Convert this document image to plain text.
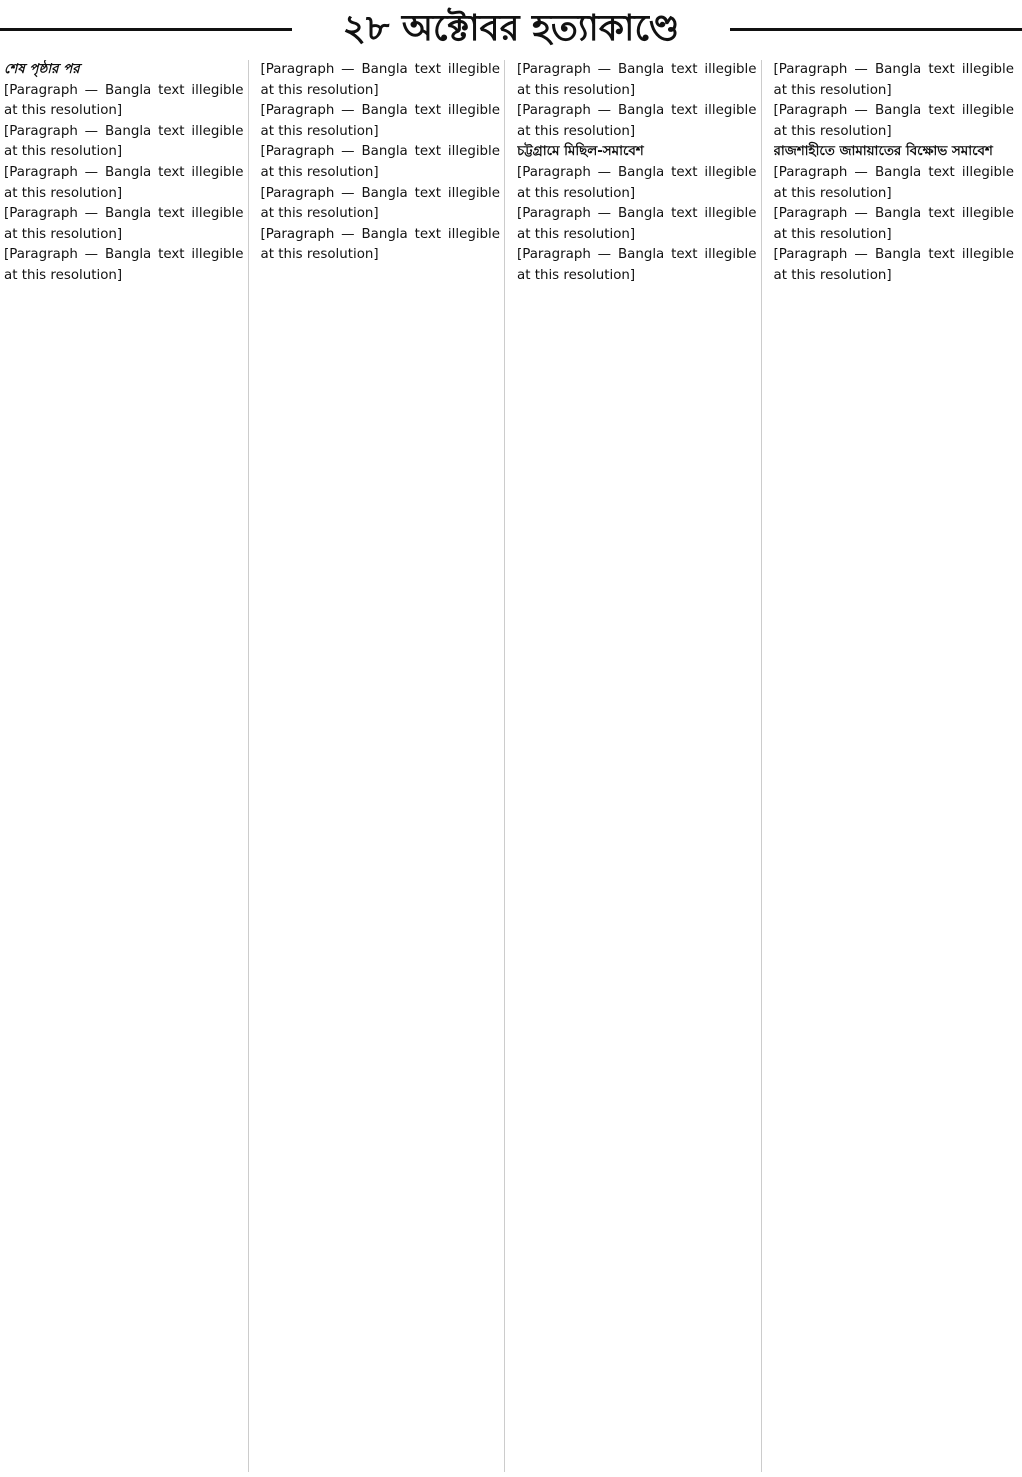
২৮ অক্টোবর হত্যাকাণ্ডে

শেষ পৃষ্ঠার পর

[Paragraph — Bangla text illegible at this resolution]

[Paragraph — Bangla text illegible at this resolution]

[Paragraph — Bangla text illegible at this resolution]

[Paragraph — Bangla text illegible at this resolution]

[Paragraph — Bangla text illegible at this resolution]

[Paragraph — Bangla text illegible at this resolution]

[Paragraph — Bangla text illegible at this resolution]

[Paragraph — Bangla text illegible at this resolution]

[Paragraph — Bangla text illegible at this resolution]

[Paragraph — Bangla text illegible at this resolution]

[Paragraph — Bangla text illegible at this resolution]

[Paragraph — Bangla text illegible at this resolution]

চট্টগ্রামে মিছিল-সমাবেশ

[Paragraph — Bangla text illegible at this resolution]

[Paragraph — Bangla text illegible at this resolution]

[Paragraph — Bangla text illegible at this resolution]

[Paragraph — Bangla text illegible at this resolution]

[Paragraph — Bangla text illegible at this resolution]

রাজশাহীতে জামায়াতের বিক্ষোভ সমাবেশ

[Paragraph — Bangla text illegible at this resolution]

[Paragraph — Bangla text illegible at this resolution]

[Paragraph — Bangla text illegible at this resolution]
